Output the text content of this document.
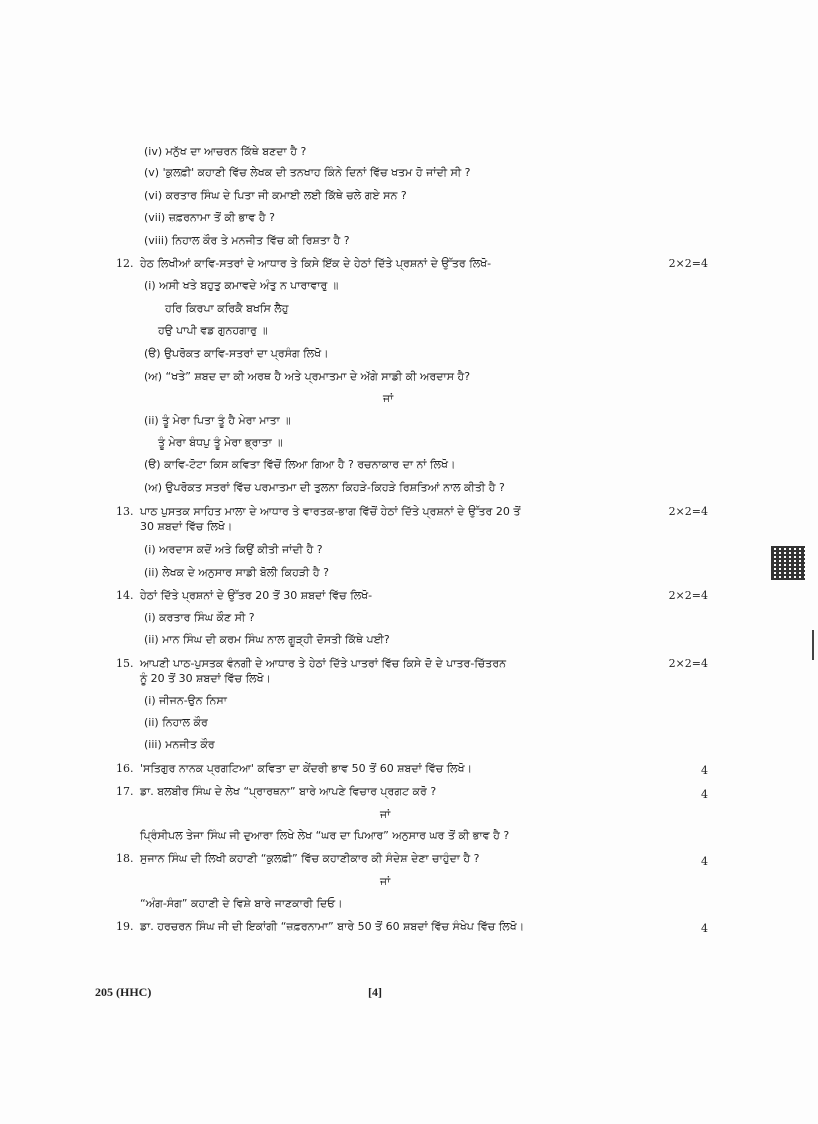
(iv) ਮਨੁੱਖ ਦਾ ਆਚਰਨ ਕਿੱਥੇ ਬਣਦਾ ਹੈ ?
(v) 'ਕੁਲਫ਼ੀ' ਕਹਾਣੀ ਵਿੱਚ ਲੇਖਕ ਦੀ ਤਨਖਾਹ ਕਿੰਨੇ ਦਿਨਾਂ ਵਿੱਚ ਖਤਮ ਹੋ ਜਾਂਦੀ ਸੀ ?
(vi) ਕਰਤਾਰ ਸਿੰਘ ਦੇ ਪਿਤਾ ਜੀ ਕਮਾਈ ਲਈ ਕਿੱਥੇ ਚਲੇ ਗਏ ਸਨ ?
(vii) ਜ਼ਫ਼ਰਨਾਮਾ ਤੋਂ ਕੀ ਭਾਵ ਹੈ ?
(viii) ਨਿਹਾਲ ਕੌਰ ਤੇ ਮਨਜੀਤ ਵਿੱਚ ਕੀ ਰਿਸ਼ਤਾ ਹੈ ?
12. ਹੇਠ ਲਿਖੀਆਂ ਕਾਵਿ-ਸਤਰਾਂ ਦੇ ਆਧਾਰ ਤੇ ਕਿਸੇ ਇੱਕ ਦੇ ਹੇਠਾਂ ਦਿੱਤੇ ਪ੍ਰਸ਼ਨਾਂ ਦੇ ਉੱਤਰ ਲਿਖੋ-	2×2=4
(i) ਅਸੀ ਖਤੇ ਬਹੁਤੁ ਕਮਾਵਦੇ ਅੰਤੁ ਨ ਪਾਰਾਵਾਰੁ ॥
ਹਰਿ ਕਿਰਪਾ ਕਰਿਕੈ ਬਖਸਿ ਲੈਹੁ
ਹਉ ਪਾਪੀ ਵਡ ਗੁਨਹਗਾਰੁ ॥
(ੳ) ਉਪਰੋਕਤ ਕਾਵਿ-ਸਤਰਾਂ ਦਾ ਪ੍ਰਸੰਗ ਲਿਖੋ।
(ਅ) “ਖਤੇ” ਸ਼ਬਦ ਦਾ ਕੀ ਅਰਥ ਹੈ ਅਤੇ ਪ੍ਰਮਾਤਮਾ ਦੇ ਅੱਗੇ ਸਾਡੀ ਕੀ ਅਰਦਾਸ ਹੈ?
ਜਾਂ
(ii) ਤੂੰ ਮੇਰਾ ਪਿਤਾ ਤੂੰ ਹੈ ਮੇਰਾ ਮਾਤਾ ॥
ਤੂੰ ਮੇਰਾ ਬੰਧਪੁ ਤੂੰ ਮੇਰਾ ਭ੍ਰਾਤਾ ॥
(ੳ) ਕਾਵਿ-ਟੋਟਾ ਕਿਸ ਕਵਿਤਾ ਵਿੱਚੋਂ ਲਿਆ ਗਿਆ ਹੈ ? ਰਚਨਾਕਾਰ ਦਾ ਨਾਂ ਲਿਖੋ।
(ਅ) ਉਪਰੋਕਤ ਸਤਰਾਂ ਵਿੱਚ ਪਰਮਾਤਮਾ ਦੀ ਤੁਲਨਾ ਕਿਹੜੇ-ਕਿਹੜੇ ਰਿਸ਼ਤਿਆਂ ਨਾਲ ਕੀਤੀ ਹੈ ?
13. ਪਾਠ ਪੁਸਤਕ ਸਾਹਿਤ ਮਾਲਾ ਦੇ ਆਧਾਰ ਤੇ ਵਾਰਤਕ-ਭਾਗ ਵਿੱਚੋਂ ਹੇਠਾਂ ਦਿੱਤੇ ਪ੍ਰਸ਼ਨਾਂ ਦੇ ਉੱਤਰ 20 ਤੋਂ	2×2=4
30 ਸ਼ਬਦਾਂ ਵਿੱਚ ਲਿਖੋ।
(i) ਅਰਦਾਸ ਕਦੋਂ ਅਤੇ ਕਿਉਂ ਕੀਤੀ ਜਾਂਦੀ ਹੈ ?
(ii) ਲੇਖਕ ਦੇ ਅਨੁਸਾਰ ਸਾਡੀ ਬੋਲੀ ਕਿਹੜੀ ਹੈ ?
14. ਹੇਠਾਂ ਦਿੱਤੇ ਪ੍ਰਸ਼ਨਾਂ ਦੇ ਉੱਤਰ 20 ਤੋਂ 30 ਸ਼ਬਦਾਂ ਵਿੱਚ ਲਿਖੋ-	2×2=4
(i) ਕਰਤਾਰ ਸਿੰਘ ਕੌਣ ਸੀ ?
(ii) ਮਾਨ ਸਿੰਘ ਦੀ ਕਰਮ ਸਿੰਘ ਨਾਲ ਗੂੜ੍ਹੀ ਦੋਸਤੀ ਕਿੱਥੇ ਪਈ?
15. ਆਪਣੀ ਪਾਠ-ਪੁਸਤਕ ਵੰਨਗੀ ਦੇ ਆਧਾਰ ਤੇ ਹੇਠਾਂ ਦਿੱਤੇ ਪਾਤਰਾਂ ਵਿੱਚ ਕਿਸੇ ਦੋ ਦੇ ਪਾਤਰ-ਚਿੱਤਰਨ	2×2=4
ਨੂੰ 20 ਤੋਂ 30 ਸ਼ਬਦਾਂ ਵਿੱਚ ਲਿਖੋ।
(i) ਜੀਜਨ-ਉਨ ਨਿਸਾ
(ii) ਨਿਹਾਲ ਕੌਰ
(iii) ਮਨਜੀਤ ਕੌਰ
16. 'ਸਤਿਗੁਰ ਨਾਨਕ ਪ੍ਰਗਟਿਆ' ਕਵਿਤਾ ਦਾ ਕੇਂਦਰੀ ਭਾਵ 50 ਤੋਂ 60 ਸ਼ਬਦਾਂ ਵਿੱਚ ਲਿਖੋ।	4
17. ਡਾ. ਬਲਬੀਰ ਸਿੰਘ ਦੇ ਲੇਖ “ਪ੍ਰਾਰਥਨਾ” ਬਾਰੇ ਆਪਣੇ ਵਿਚਾਰ ਪ੍ਰਗਟ ਕਰੋ ?	4
ਜਾਂ
ਪ੍ਰਿੰਸੀਪਲ ਤੇਜਾ ਸਿੰਘ ਜੀ ਦੁਆਰਾ ਲਿਖੇ ਲੇਖ “ਘਰ ਦਾ ਪਿਆਰ” ਅਨੁਸਾਰ ਘਰ ਤੋਂ ਕੀ ਭਾਵ ਹੈ ?
18. ਸੁਜਾਨ ਸਿੰਘ ਦੀ ਲਿਖੀ ਕਹਾਣੀ “ਕੁਲਫ਼ੀ” ਵਿੱਚ ਕਹਾਣੀਕਾਰ ਕੀ ਸੰਦੇਸ਼ ਦੇਣਾ ਚਾਹੁੰਦਾ ਹੈ ?	4
ਜਾਂ
“ਅੰਗ-ਸੰਗ” ਕਹਾਣੀ ਦੇ ਵਿਸ਼ੇ ਬਾਰੇ ਜਾਣਕਾਰੀ ਦਿਓ।
19. ਡਾ. ਹਰਚਰਨ ਸਿੰਘ ਜੀ ਦੀ ਇਕਾਂਗੀ “ਜ਼ਫ਼ਰਨਾਮਾ” ਬਾਰੇ 50 ਤੋਂ 60 ਸ਼ਬਦਾਂ ਵਿੱਚ ਸੰਖੇਪ ਵਿੱਚ ਲਿਖੋ।	4
205 (HHC)	[4]
